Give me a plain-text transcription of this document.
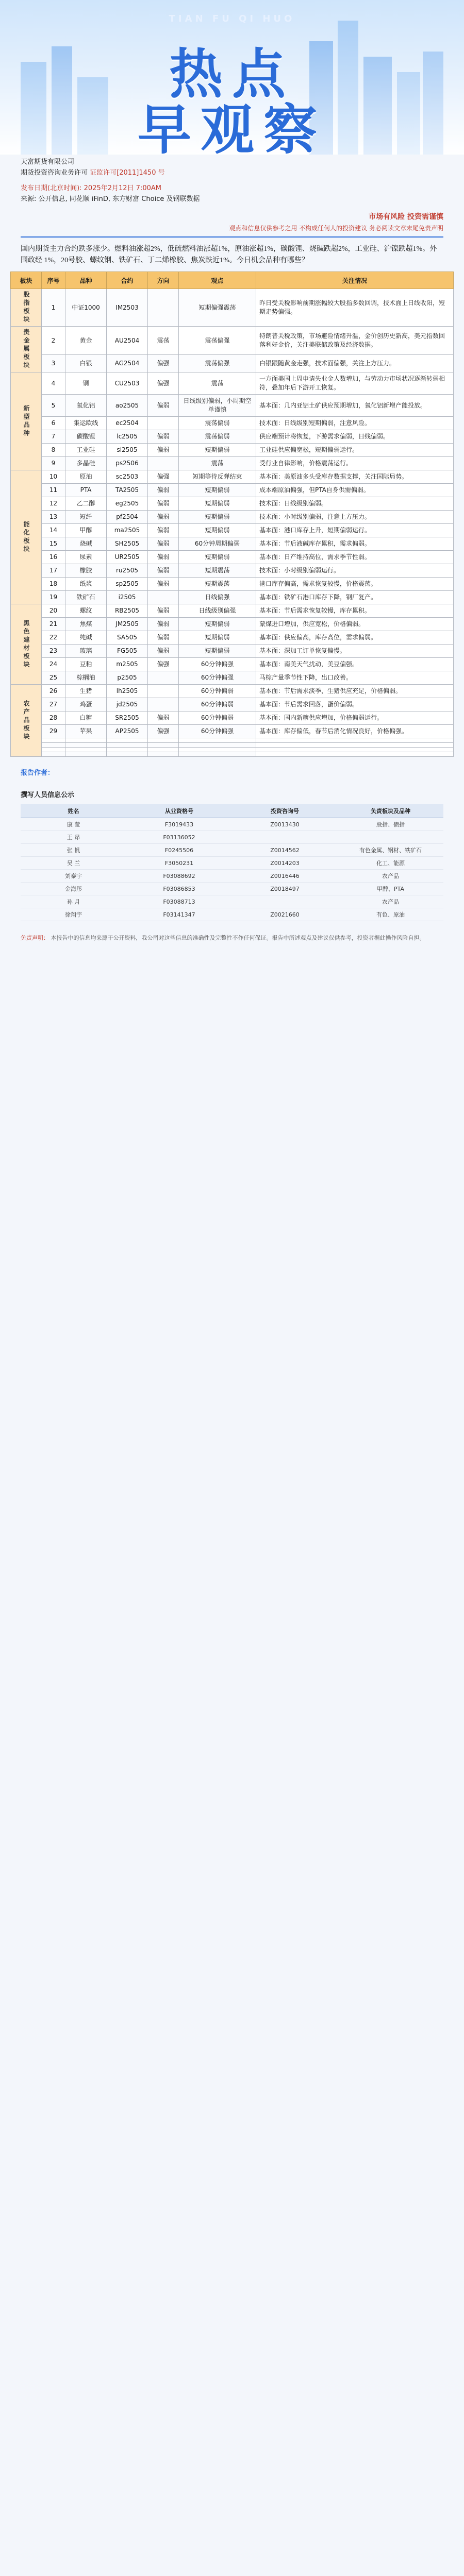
TIAN FU QI HUO
热点
早观察
天富期货有限公司
期货投资咨询业务许可 证监许可[2011]1450 号
发布日期(北京时间): 2025年2月12日 7:00AM
来源: 公开信息, 同花顺 iFinD, 东方财富 Choice 及钢联数据
市场有风险 投资需谨慎
观点和信息仅供参考之用 不构成任何人的投资建议 务必阅读文章末尾免责声明
国内期货主力合约跌多涨少。燃料油涨超2%，低硫燃料油涨超1%，原油涨超1%，碳酸锂、烧碱跌超2%，工业硅、沪镍跌超1%。外围政经 1%，20号胶、螺纹钢、铁矿石、丁二烯橡胶、焦炭跌近1%。今日机会品种有哪些？
板块	序号	品种	合约	方向	观点	关注情况
股指板块	1	中证1000	IM2503		短期偏强震荡	昨日受关税影响前期涨幅较大股指多数回调，技术面上日线收阳，短期走势偏强。
贵金属板块	2	黄金	AU2504	震荡	震荡偏强	特朗普关税政策，市场避险情绪升温，金价创历史新高，美元指数回落利好金价，关注美联储政策及经济数据。
	3	白银	AG2504	偏强	震荡偏强	白银跟随黄金走强，技术面偏强，关注上方压力。
新型品种	4	铜	CU2503	偏强	震荡	一方面美国上周申请失业金人数增加，与劳动力市场状况逐渐转弱相符，叠加年后下游开工恢复。
	5	氧化铝	ao2505	偏弱	日线级别偏弱，小周期空单谨慎	基本面：几内亚铝土矿供应预期增加，氧化铝新增产能投放。
	6	集运欧线	ec2504		震荡偏弱	技术面：日线级别短期偏弱，注意风险。
	7	碳酸锂	lc2505	偏弱	震荡偏弱	供应端预计将恢复，下游需求偏弱，日线偏弱。
	8	工业硅	si2505	偏弱	短期偏弱	工业硅供应偏宽松，短期偏弱运行。
	9	多晶硅	ps2506		震荡	受行业自律影响，价格震荡运行。
能化板块	10	原油	sc2503	偏强	短期等待反弹结束	基本面：美原油多头受库存数据支撑，关注国际局势。
	11	PTA	TA2505	偏弱	短期偏弱	成本端原油偏强，但PTA自身供需偏弱。
	12	乙二醇	eg2505	偏弱	短期偏弱	技术面：日线级别偏弱。
	13	短纤	pf2504	偏弱	短期偏弱	技术面：小时级别偏弱，注意上方压力。
	14	甲醇	ma2505	偏弱	短期偏弱	基本面：港口库存上升，短期偏弱运行。
	15	烧碱	SH2505	偏弱	60分钟周期偏弱	基本面：节后液碱库存累积，需求偏弱。
	16	尿素	UR2505	偏弱	短期偏弱	基本面：日产维持高位，需求季节性弱。
	17	橡胶	ru2505	偏弱	短期震荡	技术面：小时级别偏弱运行。
	18	纸浆	sp2505	偏弱	短期震荡	港口库存偏高，需求恢复较慢，价格震荡。
	19	铁矿石	i2505		日线偏强	基本面：铁矿石港口库存下降，钢厂复产。
黑色建材板块	20	螺纹	RB2505	偏弱	日线级别偏强	基本面：节后需求恢复较慢，库存累积。
	21	焦煤	JM2505	偏弱	短期偏弱	蒙煤进口增加，供应宽松，价格偏弱。
	22	纯碱	SA505	偏弱	短期偏弱	基本面：供应偏高，库存高位，需求偏弱。
	23	玻璃	FG505	偏弱	短期偏弱	基本面：深加工订单恢复偏慢。
	24	豆粕	m2505	偏强	60分钟偏强	基本面：南美天气扰动，美豆偏强。
	25	棕榈油	p2505		60分钟偏强	马棕产量季节性下降，出口改善。
农产品板块	26	生猪	lh2505		60分钟偏弱	基本面：节后需求淡季，生猪供应充足，价格偏弱。
	27	鸡蛋	jd2505		60分钟偏弱	基本面：节后需求回落，蛋价偏弱。
	28	白糖	SR2505	偏弱	60分钟偏弱	基本面：国内新糖供应增加，价格偏弱运行。
	29	苹果	AP2505	偏强	60分钟偏强	基本面：库存偏低，春节后消化情况良好，价格偏强。

报告作者：
撰写人员信息公示
姓名	从业资格号	投资咨询号	负责板块及品种
康 莹	F3019433	Z0013430	股指、债指
王 昂	F03136052		
张 帆	F0245506	Z0014562	有色金属、钢材、铁矿石
吴 兰	F3050231	Z0014203	化工、能源
刘泰宇	F03088692	Z0016446	农产品
金海彤	F03086853	Z0018497	甲醇、PTA
孙 月	F03088713		农产品
徐翔宇	F03141347	Z0021660	有色、原油
免责声明： 本报告中的信息均来源于公开资料，我公司对这些信息的准确性及完整性不作任何保证。报告中所述观点及建议仅供参考，投资者据此操作风险自担。
